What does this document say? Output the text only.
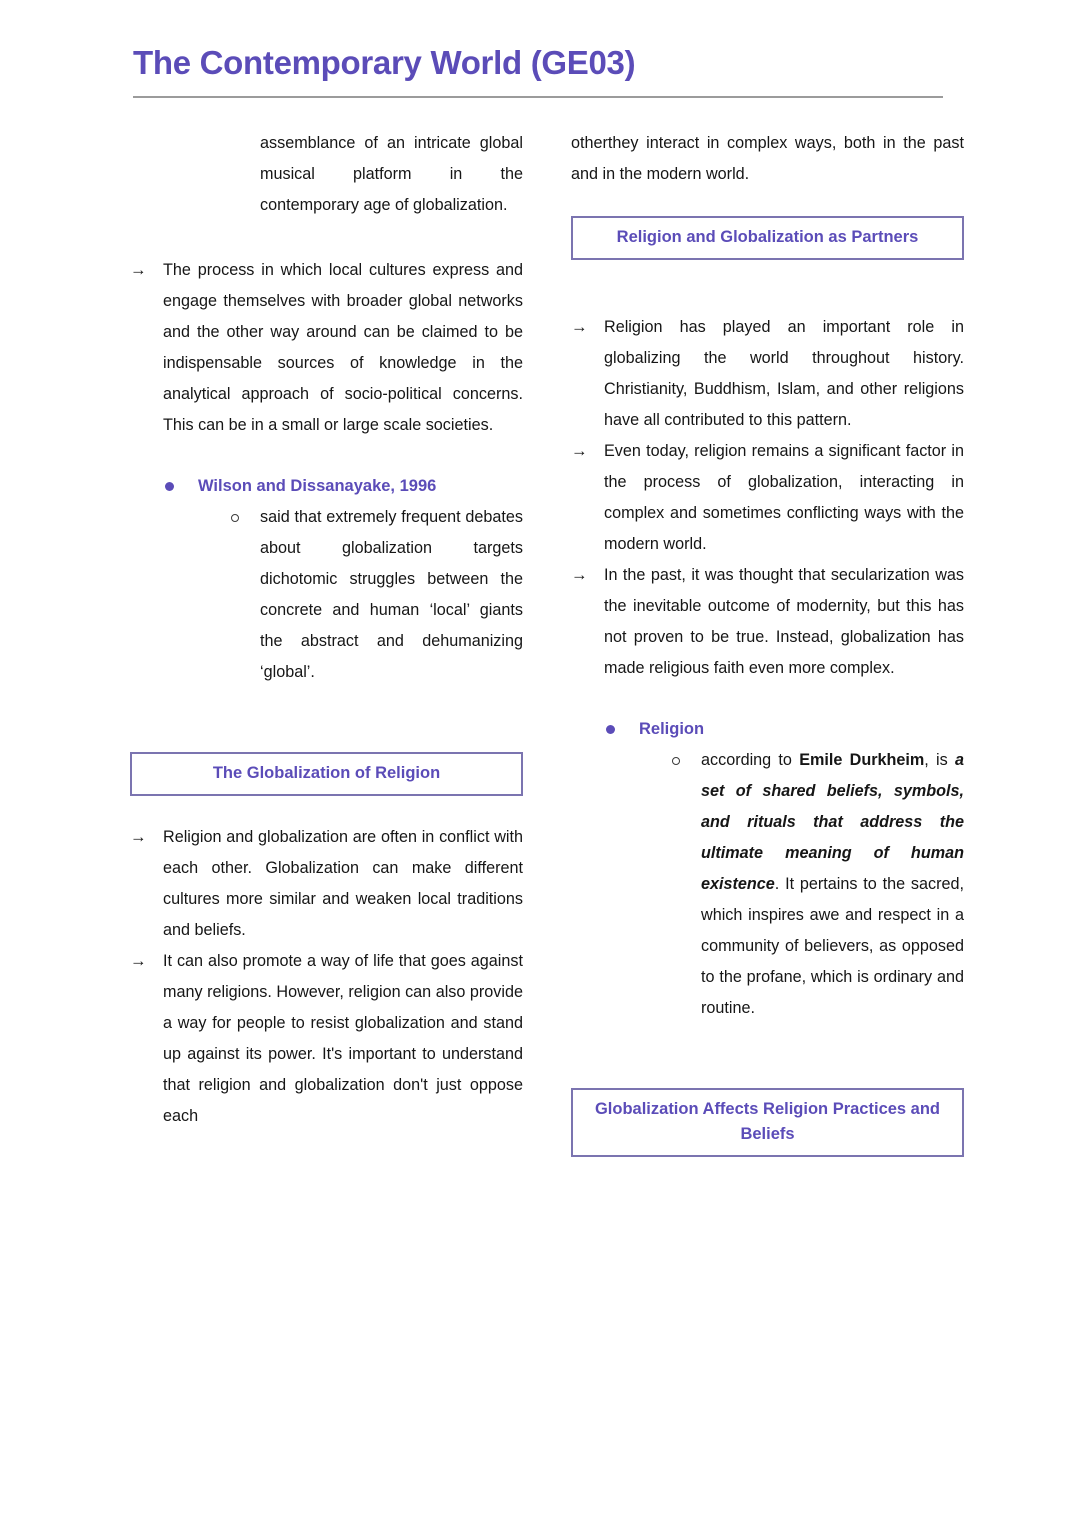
The Contemporary World (GE03)

assemblance of an intricate global musical platform in the contemporary age of globalization.

→ The process in which local cultures express and engage themselves with broader global networks and the other way around can be claimed to be indispensable sources of knowledge in the analytical approach of socio-political concerns. This can be in a small or large scale societies.
Wilson and Dissanayake, 1996
said that extremely frequent debates about globalization targets dichotomic struggles between the concrete and human ‘local’ giants the abstract and dehumanizing ‘global’.
The Globalization of Religion
→ Religion and globalization are often in conflict with each other. Globalization can make different cultures more similar and weaken local traditions and beliefs.
→ It can also promote a way of life that goes against many religions. However, religion can also provide a way for people to resist globalization and stand up against its power. It's important to understand that religion and globalization don't just oppose each

otherthey interact in complex ways, both in the past and in the modern world.

Religion and Globalization as Partners
→ Religion has played an important role in globalizing the world throughout history. Christianity, Buddhism, Islam, and other religions have all contributed to this pattern.
→ Even today, religion remains a significant factor in the process of globalization, interacting in complex and sometimes conflicting ways with the modern world.
→ In the past, it was thought that secularization was the inevitable outcome of modernity, but this has not proven to be true. Instead, globalization has made religious faith even more complex.
Religion
according to Emile Durkheim, is a set of shared beliefs, symbols, and rituals that address the ultimate meaning of human existence. It pertains to the sacred, which inspires awe and respect in a community of believers, as opposed to the profane, which is ordinary and routine.
Globalization Affects Religion Practices and Beliefs
